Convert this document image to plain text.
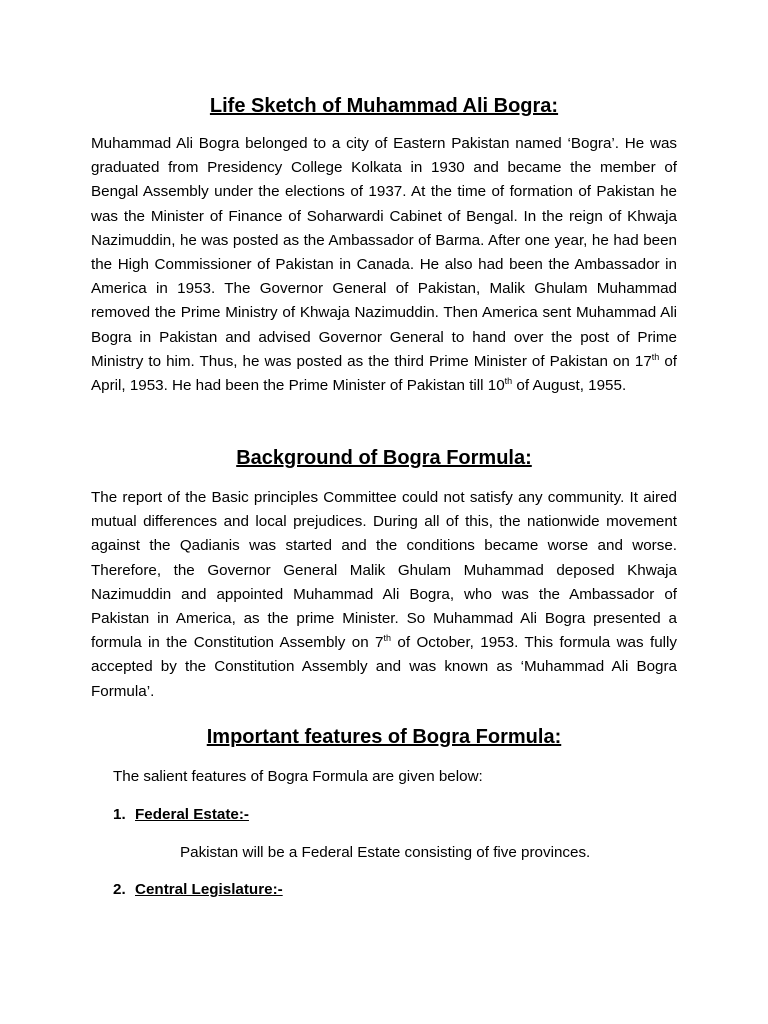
Life Sketch of Muhammad Ali Bogra:

Muhammad Ali Bogra belonged to a city of Eastern Pakistan named ‘Bogra’. He was graduated from Presidency College Kolkata in 1930 and became the member of Bengal Assembly under the elections of 1937. At the time of formation of Pakistan he was the Minister of Finance of Soharwardi Cabinet of Bengal. In the reign of Khwaja Nazimuddin, he was posted as the Ambassador of Barma. After one year, he had been the High Commissioner of Pakistan in Canada. He also had been the Ambassador in America in 1953. The Governor General of Pakistan, Malik Ghulam Muhammad removed the Prime Ministry of Khwaja Nazimuddin. Then America sent Muhammad Ali Bogra in Pakistan and advised Governor General to hand over the post of Prime Ministry to him. Thus, he was posted as the third Prime Minister of Pakistan on 17th of April, 1953. He had been the Prime Minister of Pakistan till 10th of August, 1955.

Background of Bogra Formula:

The report of the Basic principles Committee could not satisfy any community. It aired mutual differences and local prejudices. During all of this, the nationwide movement against the Qadianis was started and the conditions became worse and worse. Therefore, the Governor General Malik Ghulam Muhammad deposed Khwaja Nazimuddin and appointed Muhammad Ali Bogra, who was the Ambassador of Pakistan in America, as the prime Minister. So Muhammad Ali Bogra presented a formula in the Constitution Assembly on 7th of October, 1953. This formula was fully accepted by the Constitution Assembly and was known as ‘Muhammad Ali Bogra Formula’.

Important features of Bogra Formula:

The salient features of Bogra Formula are given below:

1. Federal Estate:-

Pakistan will be a Federal Estate consisting of five provinces.

2. Central Legislature:-
